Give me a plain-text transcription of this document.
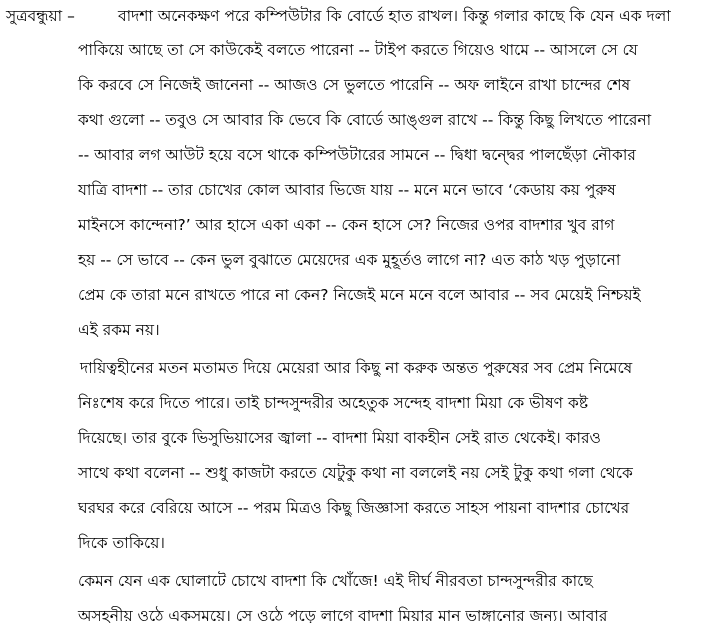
সুত্রবন্ধুয়া –	বাদশা অনেকক্ষণ পরে কম্পিউটার কি বোর্ডে হাত রাখল। কিন্তু গলার কাছে কি যেন এক দলা
পাকিয়ে আছে তা সে কাউকেই বলতে পারেনা -- টাইপ করতে গিয়েও থামে -- আসলে সে যে
কি করবে সে নিজেই জানেনা -- আজও সে ভুলতে পারেনি -- অফ লাইনে রাখা চান্দের শেষ
কথা গুলো -- তবুও সে আবার কি ভেবে কি বোর্ডে আঙ্গুল রাখে -- কিন্তু কিছু লিখতে পারেনা
-- আবার লগ আউট হয়ে বসে থাকে কম্পিউটারের সামনে -- দ্বিধা দ্বন্দ্বের পালছেঁড়া নৌকার
যাত্রি বাদশা -- তার চোখের কোল আবার ভিজে যায় -- মনে মনে ভাবে ‘কেডায় কয় পুরুষ
মাইনসে কান্দেনা?’ আর হাসে একা একা -- কেন হাসে সে? নিজের ওপর বাদশার খুব রাগ
হয় -- সে ভাবে -- কেন ভুল বুঝাতে মেয়েদের এক মুহূর্তও লাগে না? এত কাঠ খড় পুড়ানো
প্রেম কে তারা মনে রাখতে পারে না কেন? নিজেই মনে মনে বলে আবার -- সব মেয়েই নিশ্চয়ই
এই রকম নয়।
দায়িত্বহীনের মতন মতামত দিয়ে মেয়েরা আর কিছু না করুক অন্তত পুরুষের সব প্রেম নিমেষে
নিঃশেষ করে দিতে পারে। তাই চান্দসুন্দরীর অহেতুক সন্দেহ বাদশা মিয়া কে ভীষণ কষ্ট
দিয়েছে। তার বুকে ভিসুভিয়াসের জ্বালা -- বাদশা মিয়া বাকহীন সেই রাত থেকেই। কারও
সাথে কথা বলেনা -- শুধু কাজটা করতে যেটুকু কথা না বললেই নয় সেই টুকু কথা গলা থেকে
ঘরঘর করে বেরিয়ে আসে -- পরম মিত্রও কিছু জিজ্ঞাসা করতে সাহস পায়না বাদশার চোখের
দিকে তাকিয়ে।
কেমন যেন এক ঘোলাটে চোখে বাদশা কি খোঁজে! এই দীর্ঘ নীরবতা চান্দসুন্দরীর কাছে
অসহনীয় ওঠে একসময়ে। সে ওঠে পড়ে লাগে বাদশা মিয়ার মান ভাঙ্গানোর জন্য। আবার
